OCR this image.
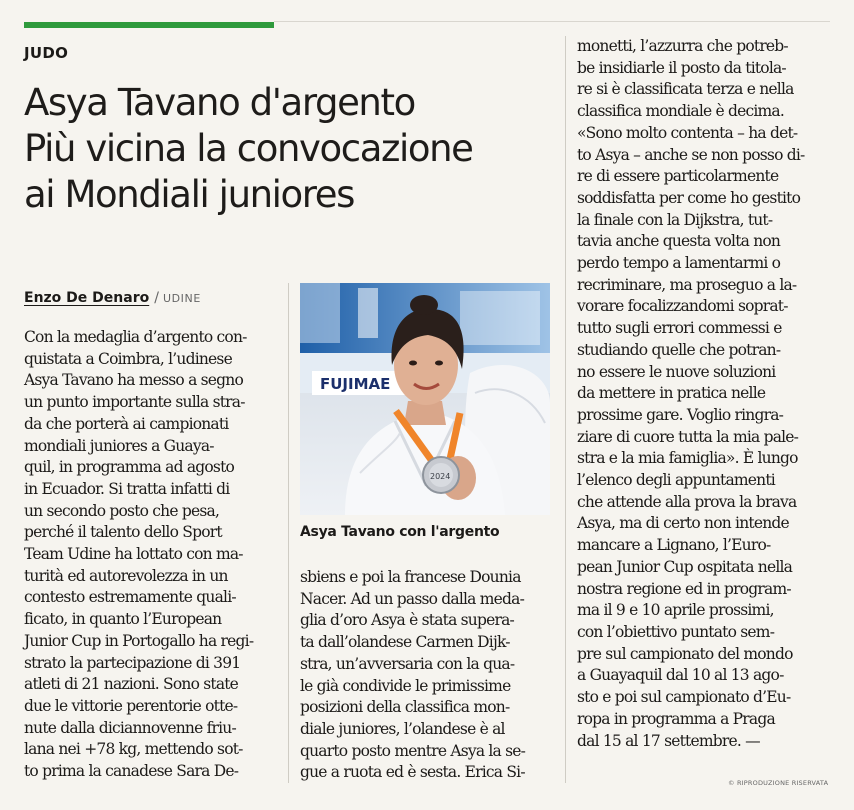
JUDO
Asya Tavano d'argento
Più vicina la convocazione
ai Mondiali juniores
Enzo De Denaro / UDINE
Con la medaglia d’argento con-
quistata a Coimbra, l’udinese
Asya Tavano ha messo a segno
un punto importante sulla stra-
da che porterà ai campionati
mondiali juniores a Guaya-
quil, in programma ad agosto
in Ecuador. Si tratta infatti di
un secondo posto che pesa,
perché il talento dello Sport
Team Udine ha lottato con ma-
turità ed autorevolezza in un
contesto estremamente quali-
ficato, in quanto l’European
Junior Cup in Portogallo ha regi-
strato la partecipazione di 391
atleti di 21 nazioni. Sono state
due le vittorie perentorie otte-
nute dalla diciannovenne friu-
lana nei +78 kg, mettendo sot-
to prima la canadese Sara De-
sbiens e poi la francese Dounia
Nacer. Ad un passo dalla meda-
glia d’oro Asya è stata supera-
ta dall’olandese Carmen Dijk-
stra, un’avversaria con la qua-
le già condivide le primissime
posizioni della classifica mon-
diale juniores, l’olandese è al
quarto posto mentre Asya la se-
gue a ruota ed è sesta. Erica Si-
monetti, l’azzurra che potreb-
be insidiarle il posto da titola-
re si è classificata terza e nella
classifica mondiale è decima.
«Sono molto contenta – ha det-
to Asya – anche se non posso di-
re di essere particolarmente
soddisfatta per come ho gestito
la finale con la Dijkstra, tut-
tavia anche questa volta non
perdo tempo a lamentarmi o
recriminare, ma proseguo a la-
vorare focalizzandomi soprat-
tutto sugli errori commessi e
studiando quelle che potran-
no essere le nuove soluzioni
da mettere in pratica nelle
prossime gare. Voglio ringra-
ziare di cuore tutta la mia pale-
stra e la mia famiglia». È lungo
l’elenco degli appuntamenti
che attende alla prova la brava
Asya, ma di certo non intende
mancare a Lignano, l’Euro-
pean Junior Cup ospitata nella
nostra regione ed in program-
ma il 9 e 10 aprile prossimi,
con l’obiettivo puntato sem-
pre sul campionato del mondo
a Guayaquil dal 10 al 13 ago-
sto e poi sul campionato d’Eu-
ropa in programma a Praga
dal 15 al 17 settembre. —
FUJIMAE
2024
Asya Tavano con l'argento
© RIPRODUZIONE RISERVATA
